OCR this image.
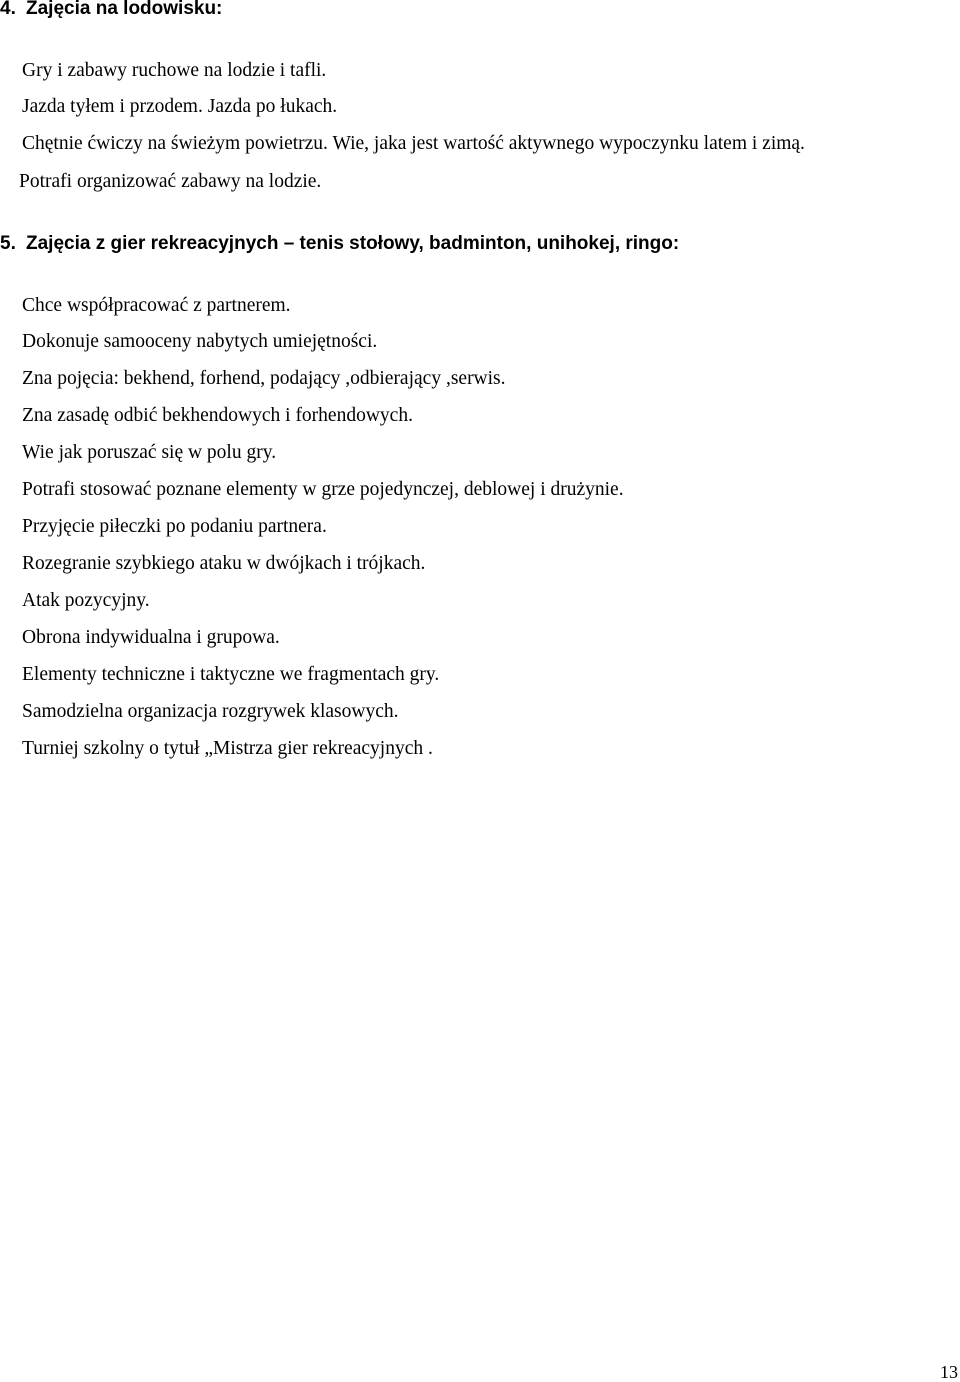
4. Zajęcia na lodowisku:

Gry i zabawy ruchowe na lodzie i tafli.

Jazda tyłem i przodem. Jazda po łukach.

Chętnie ćwiczy na świeżym powietrzu. Wie, jaka jest wartość aktywnego wypoczynku latem i zimą.

Potrafi organizować zabawy na lodzie.

5. Zajęcia z gier rekreacyjnych – tenis stołowy, badminton, unihokej, ringo:

Chce współpracować z partnerem.

Dokonuje samooceny nabytych umiejętności.

Zna pojęcia: bekhend, forhend, podający ,odbierający ,serwis.

Zna zasadę odbić bekhendowych i forhendowych.

Wie jak poruszać się w polu gry.

Potrafi stosować poznane elementy w grze pojedynczej, deblowej i drużynie.

Przyjęcie piłeczki po podaniu partnera.

Rozegranie szybkiego ataku w dwójkach i trójkach.

Atak pozycyjny.

Obrona indywidualna i grupowa.

Elementy techniczne i taktyczne we fragmentach gry.

Samodzielna organizacja rozgrywek klasowych.

Turniej szkolny o tytuł „Mistrza gier rekreacyjnych .

13
